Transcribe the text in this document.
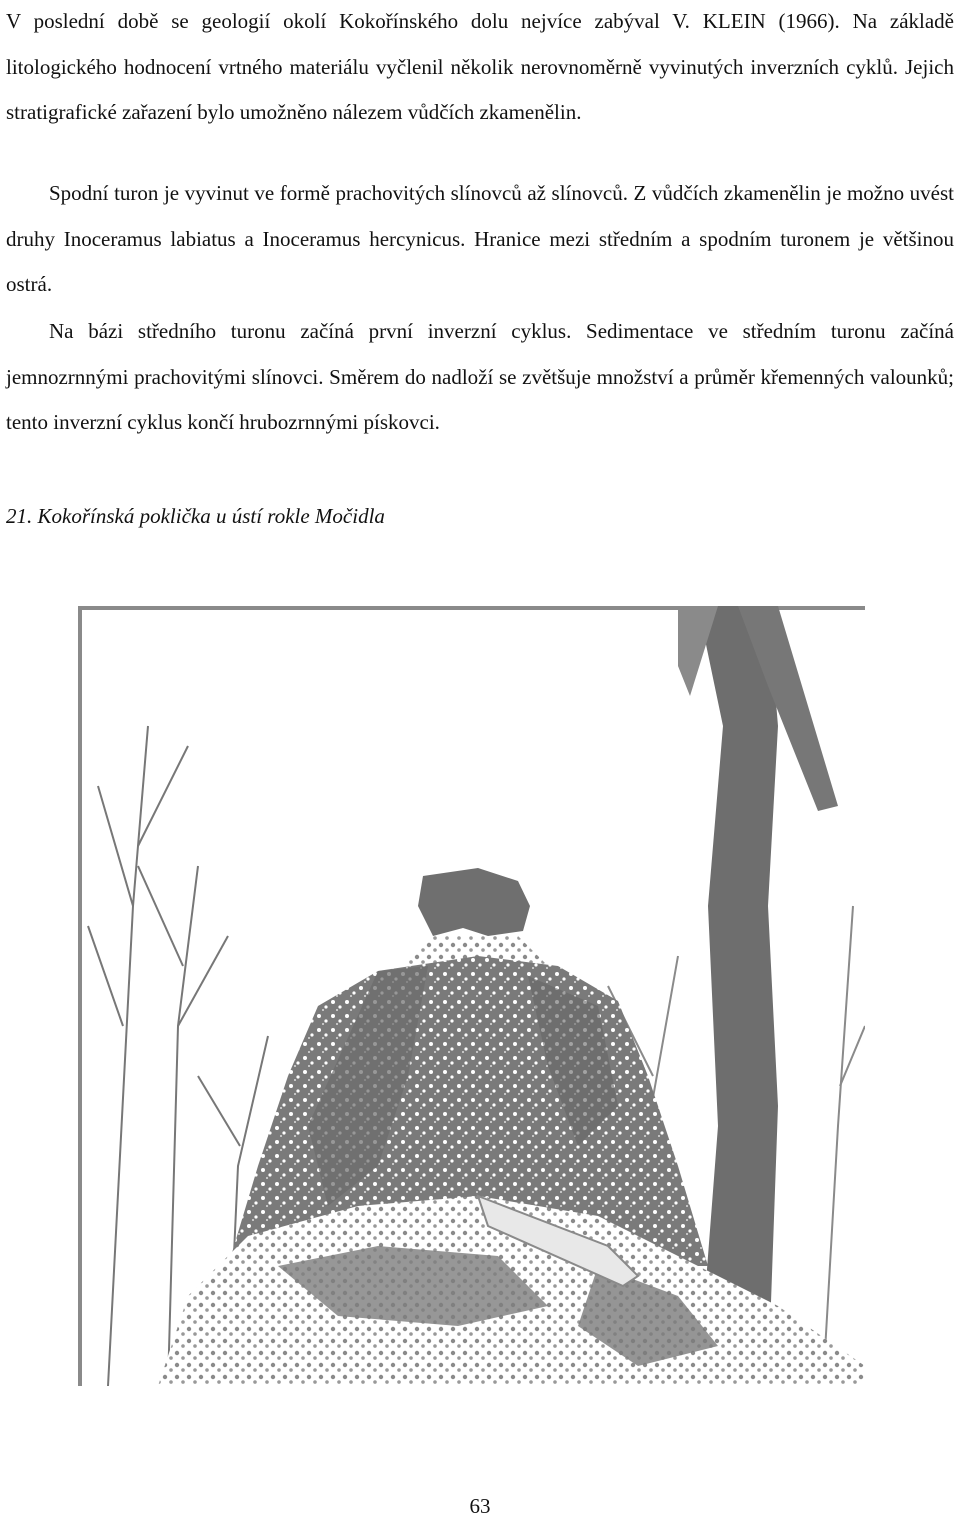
V poslední době se geologií okolí Kokořínského dolu nejvíce zabýval V. KLEIN (1966). Na základě litologického hodnocení vrtného materiálu vyčlenil několik nerovnoměrně vyvinutých inverzních cyklů. Jejich stratigrafické zařazení bylo umožněno nálezem vůdčích zkamenělin.

Spodní turon je vyvinut ve formě prachovitých slínovců až slínovců. Z vůdčích zkamenělin je možno uvést druhy Inoceramus labiatus a Inoceramus hercynicus. Hranice mezi středním a spodním turonem je většinou ostrá.

Na bázi středního turonu začíná první inverzní cyklus. Sedimentace ve středním turonu začíná jemnozrnnými prachovitými slínovci. Směrem do nadloží se zvětšuje množství a průměr křemenných valounků; tento inverzní cyklus končí hrubozrnnými pískovci.

21. Kokořínská poklička u ústí rokle Močidla

63
